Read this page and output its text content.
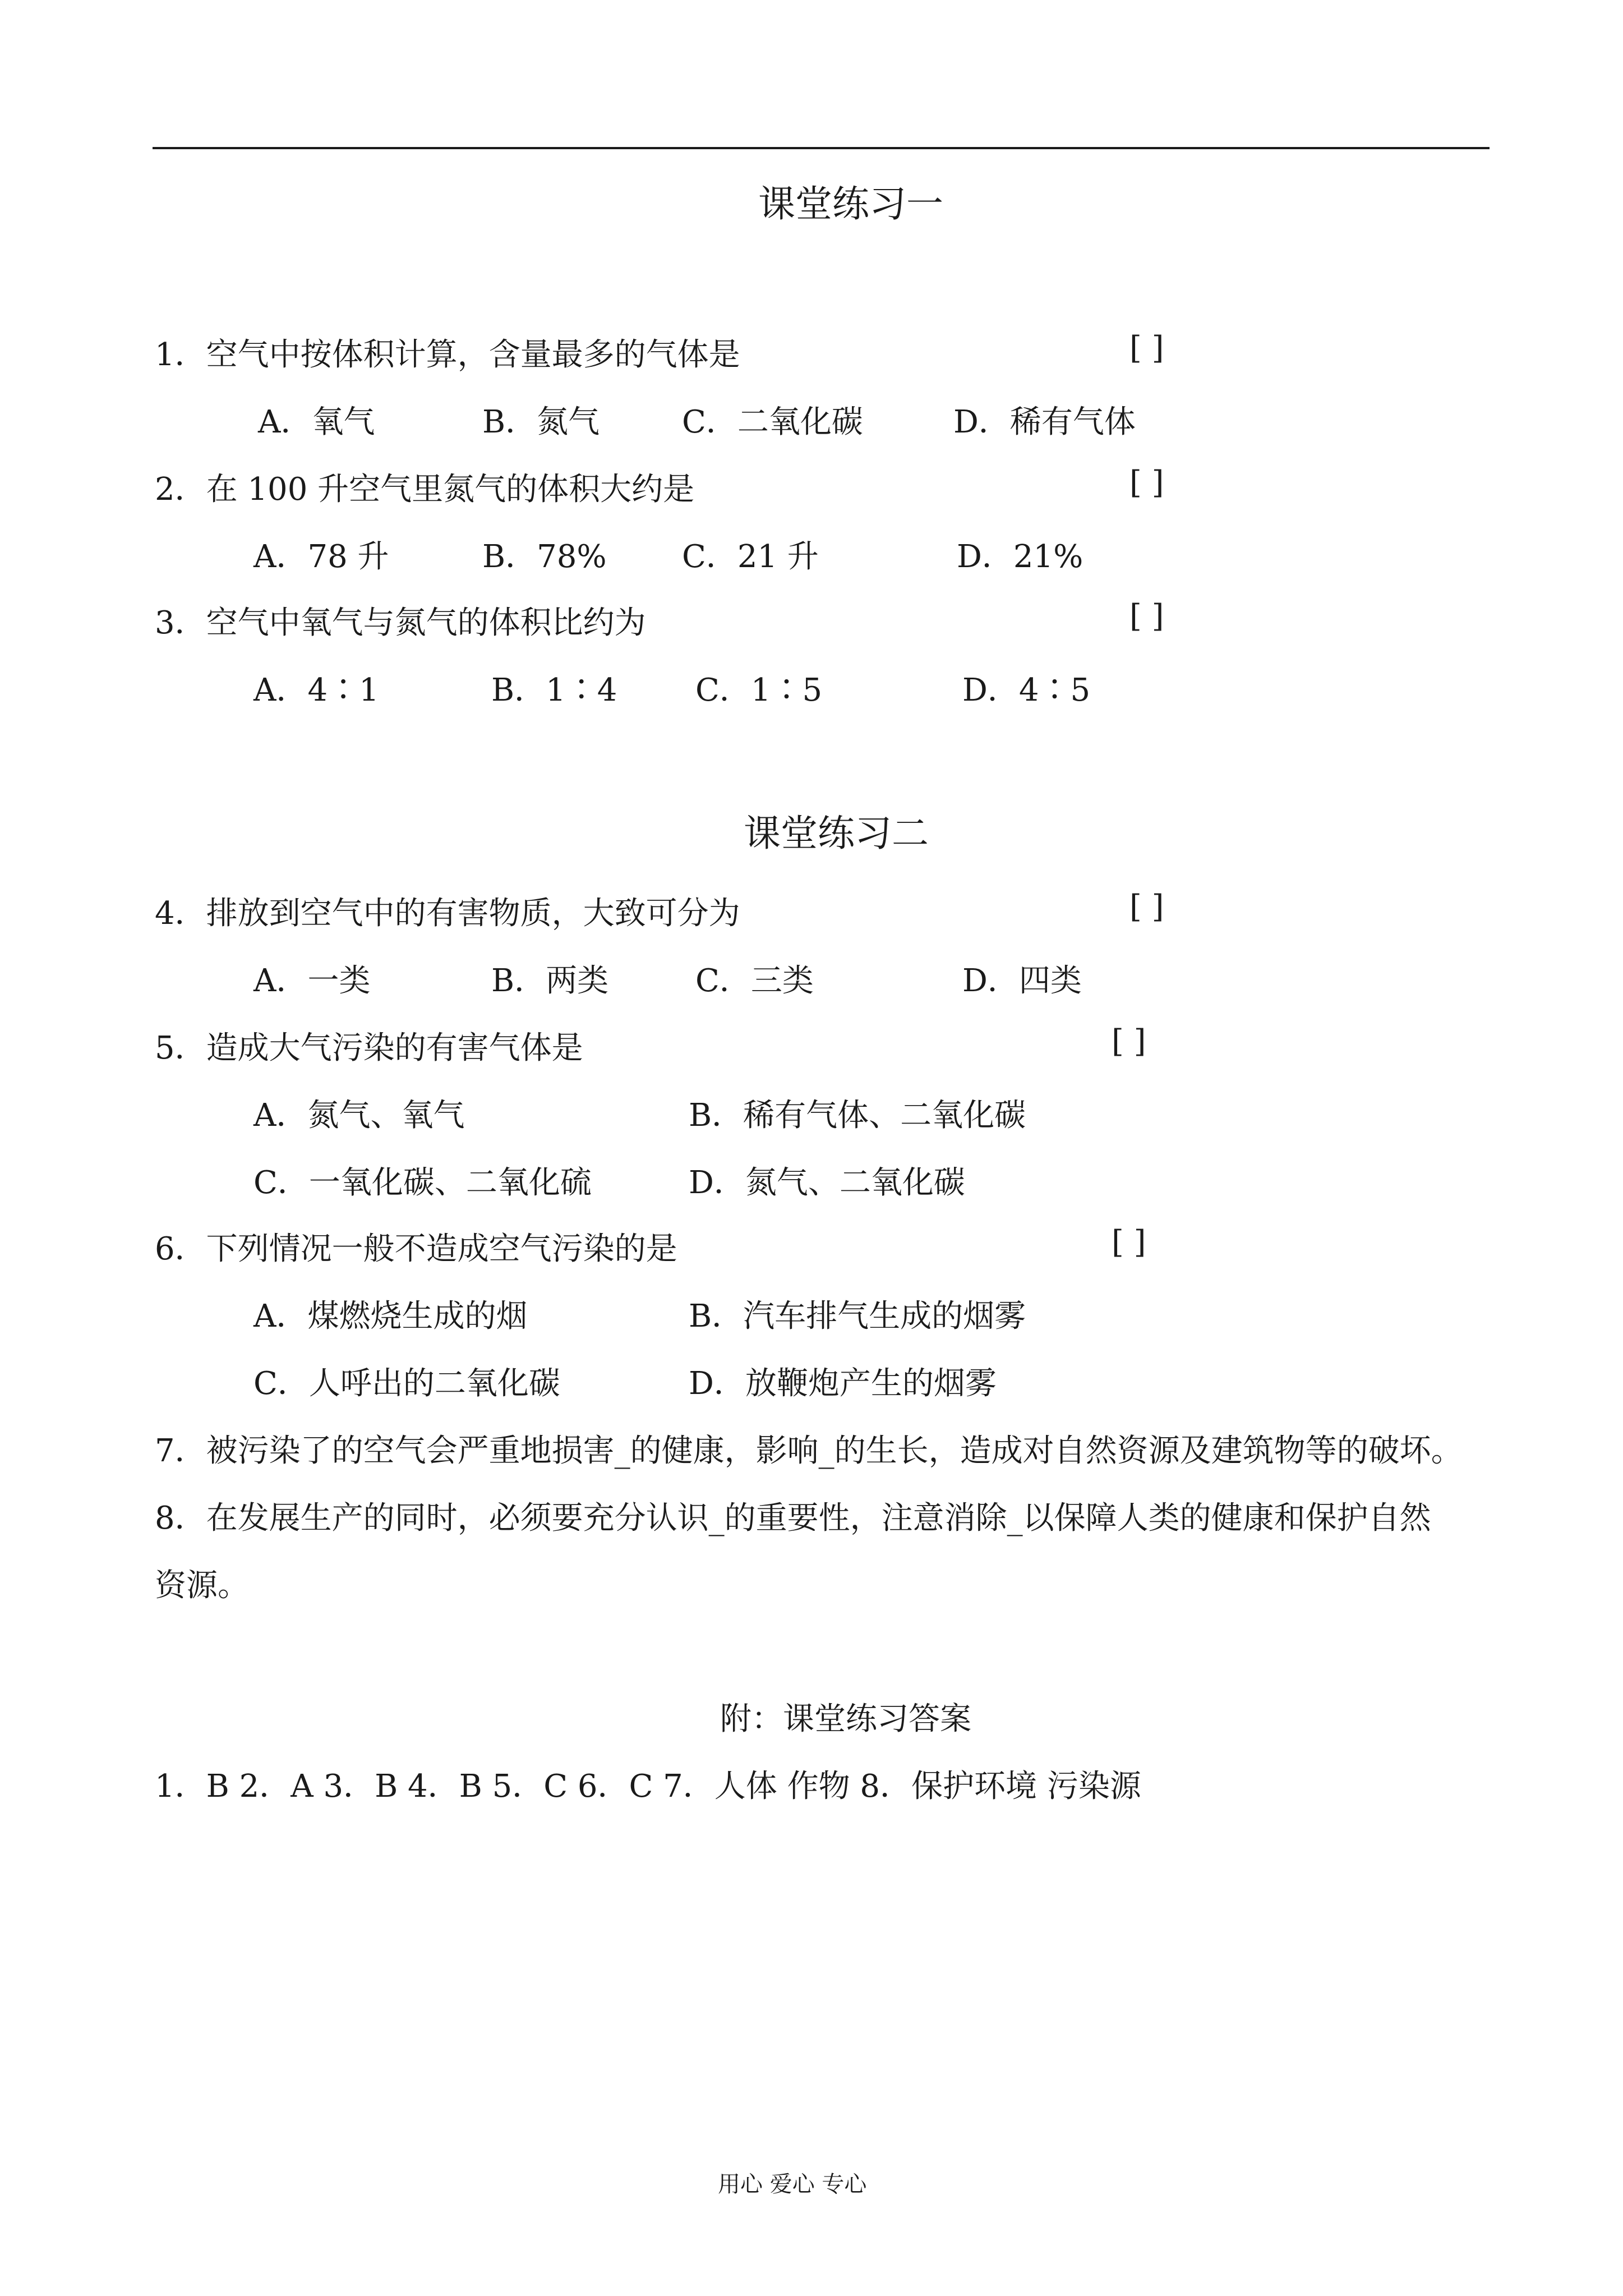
课堂练习一
1．空气中按体积计算，含量最多的气体是	[ ]
A．氧气	B．氮气	C．二氧化碳	D．稀有气体
2．在 100 升空气里氮气的体积大约是	[ ]
A．78 升	B．78% C．21 升	D．21%
3．空气中氧气与氮气的体积比约为	[ ]
A．4∶1	B．1∶4 C．1∶5	D．4∶5
课堂练习二
4．排放到空气中的有害物质，大致可分为	[ ]
A．一类	B．两类	C．三类	D．四类
5．造成大气污染的有害气体是	[ ]
A．氮气、氧气	B．稀有气体、二氧化碳
C．一氧化碳、二氧化硫	D．氮气、二氧化碳
6．下列情况一般不造成空气污染的是	[ ]
A．煤燃烧生成的烟	B．汽车排气生成的烟雾
C．人呼出的二氧化碳	D．放鞭炮产生的烟雾
7．被污染了的空气会严重地损害_的健康，影响_的生长，造成对自然资源及建筑物等的破坏。
8．在发展生产的同时，必须要充分认识_的重要性，注意消除_以保障人类的健康和保护自然
资源。
附：课堂练习答案
1．B 2．A 3．B 4．B 5．C 6．C 7．人体 作物 8．保护环境 污染源
用心 爱心 专心
